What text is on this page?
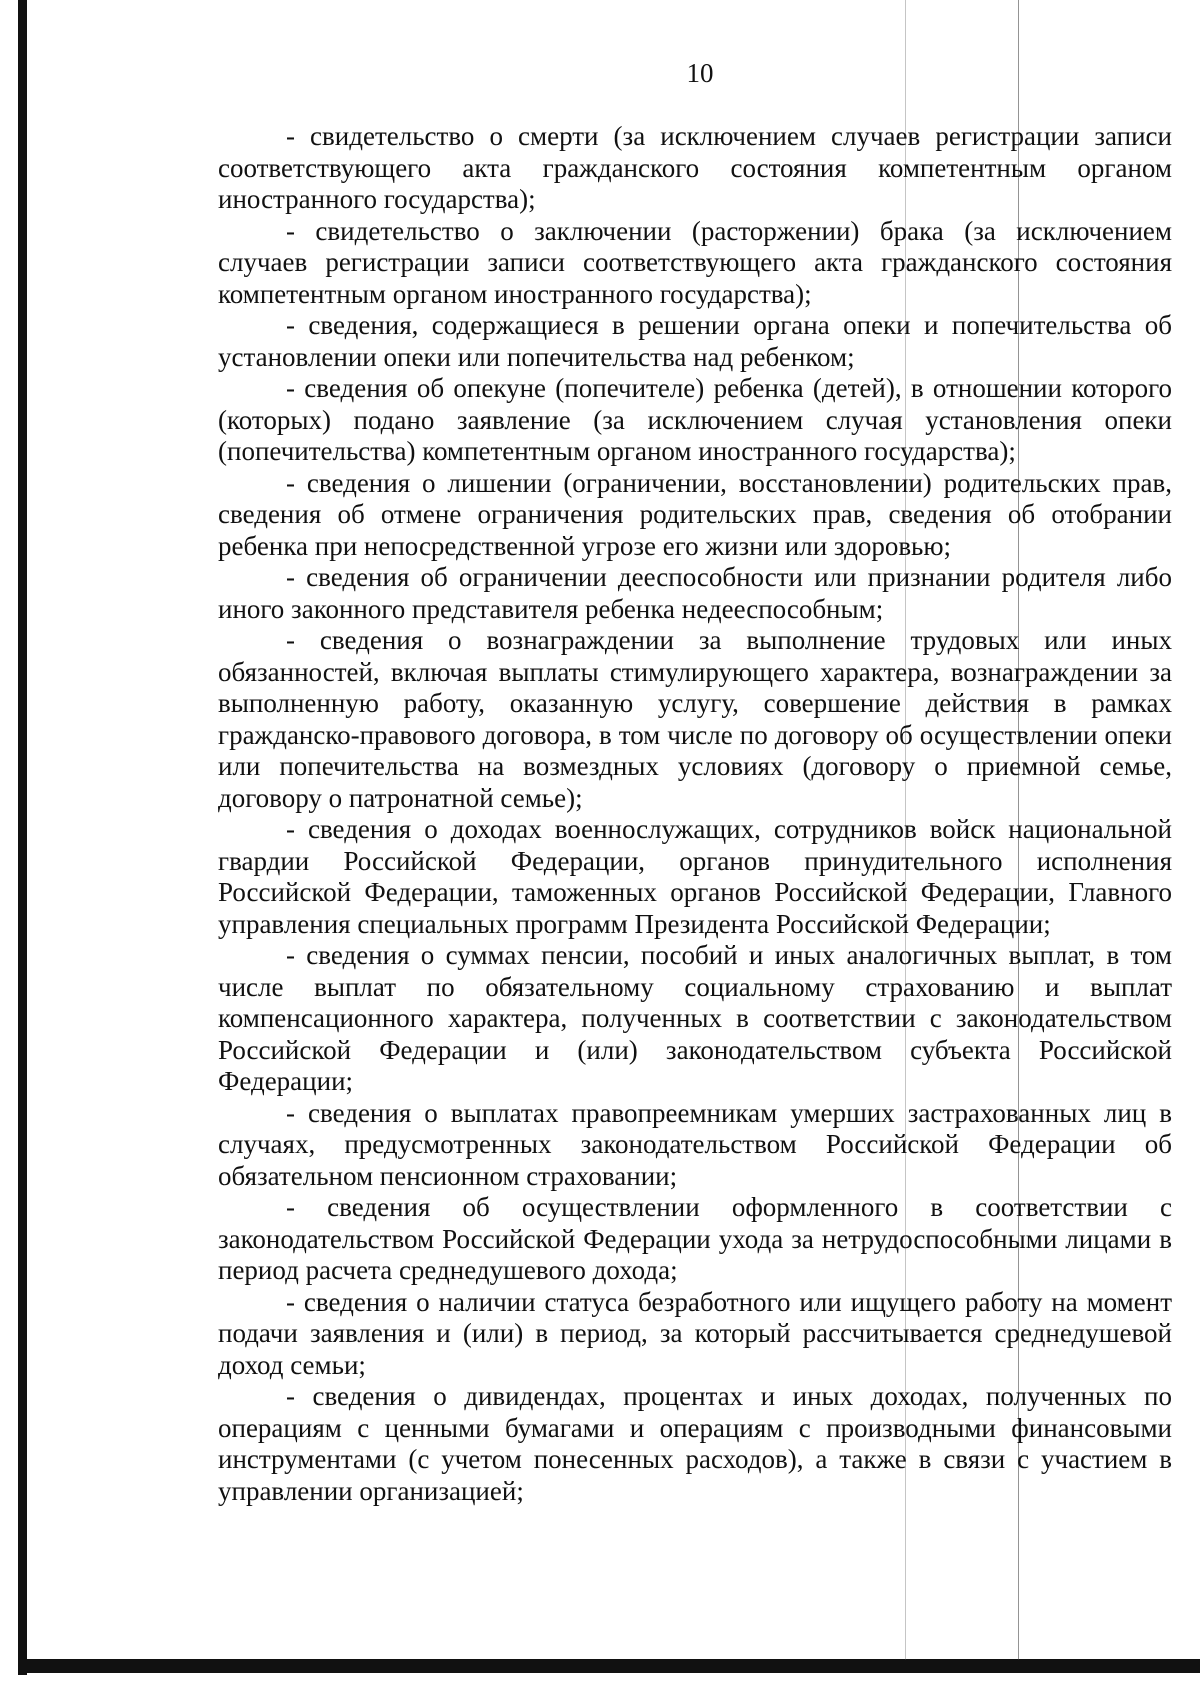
10

- свидетельство о смерти (за исключением случаев регистрации записи соответствующего акта гражданского состояния компетентным органом иностранного государства);

- свидетельство о заключении (расторжении) брака (за исключением случаев регистрации записи соответствующего акта гражданского состояния компетентным органом иностранного государства);

- сведения, содержащиеся в решении органа опеки и попечительства об установлении опеки или попечительства над ребенком;

- сведения об опекуне (попечителе) ребенка (детей), в отношении которого (которых) подано заявление (за исключением случая установления опеки (попечительства) компетентным органом иностранного государства);

- сведения о лишении (ограничении, восстановлении) родительских прав, сведения об отмене ограничения родительских прав, сведения об отобрании ребенка при непосредственной угрозе его жизни или здоровью;

- сведения об ограничении дееспособности или признании родителя либо иного законного представителя ребенка недееспособным;

- сведения о вознаграждении за выполнение трудовых или иных обязанностей, включая выплаты стимулирующего характера, вознаграждении за выполненную работу, оказанную услугу, совершение действия в рамках гражданско-правового договора, в том числе по договору об осуществлении опеки или попечительства на возмездных условиях (договору о приемной семье, договору о патронатной семье);

- сведения о доходах военнослужащих, сотрудников войск национальной гвардии Российской Федерации, органов принудительного исполнения Российской Федерации, таможенных органов Российской Федерации, Главного управления специальных программ Президента Российской Федерации;

- сведения о суммах пенсии, пособий и иных аналогичных выплат, в том числе выплат по обязательному социальному страхованию и выплат компенсационного характера, полученных в соответствии с законодательством Российской Федерации и (или) законодательством субъекта Российской Федерации;

- сведения о выплатах правопреемникам умерших застрахованных лиц в случаях, предусмотренных законодательством Российской Федерации об обязательном пенсионном страховании;

- сведения об осуществлении оформленного в соответствии с законодательством Российской Федерации ухода за нетрудоспособными лицами в период расчета среднедушевого дохода;

- сведения о наличии статуса безработного или ищущего работу на момент подачи заявления и (или) в период, за который рассчитывается среднедушевой доход семьи;

- сведения о дивидендах, процентах и иных доходах, полученных по операциям с ценными бумагами и операциям с производными финансовыми инструментами (с учетом понесенных расходов), а также в связи с участием в управлении организацией;
